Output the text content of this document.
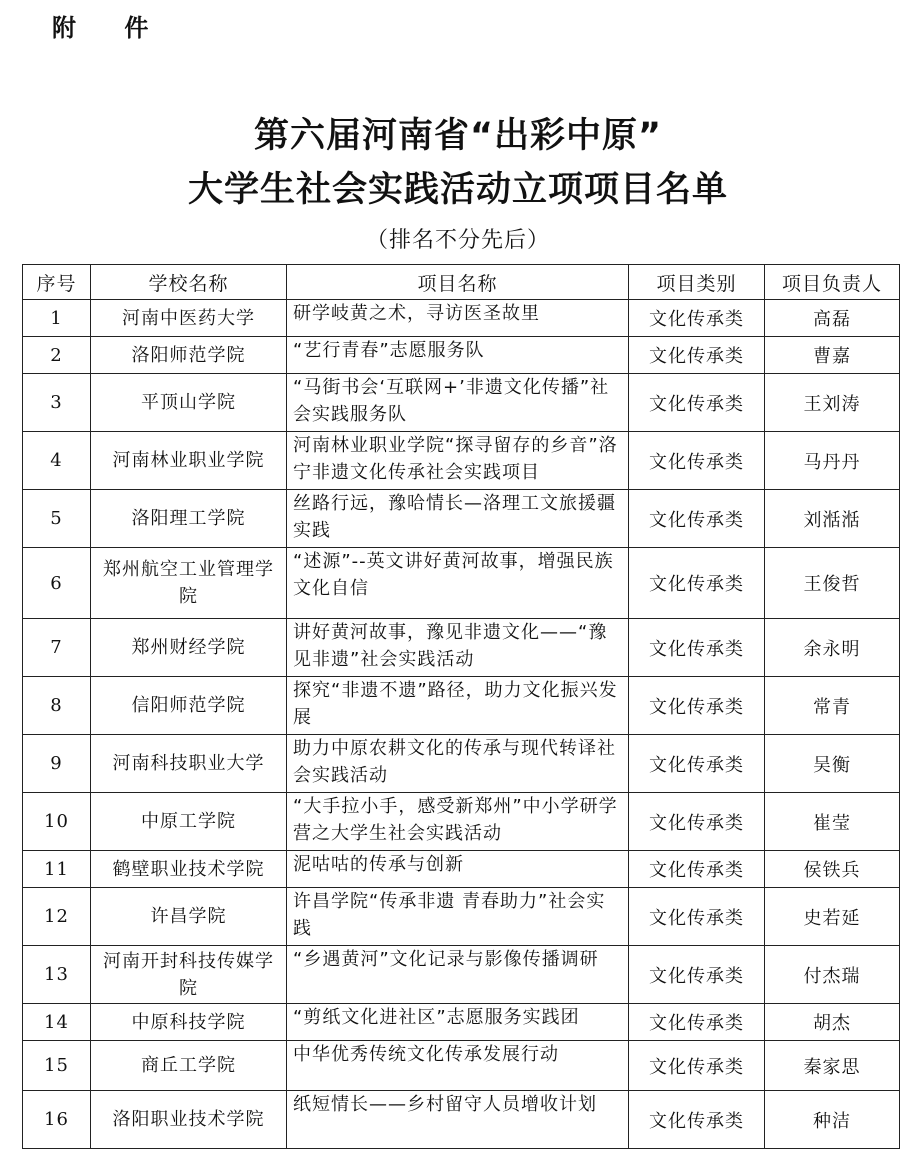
附 件
第六届河南省“出彩中原”
大学生社会实践活动立项项目名单
（排名不分先后）
序号	学校名称	项目名称	项目类别	项目负责人
1	河南中医药大学	研学岐黄之术，寻访医圣故里	文化传承类	高磊
2	洛阳师范学院	“艺行青春”志愿服务队	文化传承类	曹嘉
3	平顶山学院	“马街书会‘互联网+’非遗文化传播”社会实践服务队	文化传承类	王刘涛
4	河南林业职业学院	河南林业职业学院“探寻留存的乡音”洛宁非遗文化传承社会实践项目	文化传承类	马丹丹
5	洛阳理工学院	丝路行远，豫哈情长—洛理工文旅援疆实践	文化传承类	刘湉湉
6	郑州航空工业管理学院	“述源”--英文讲好黄河故事，增强民族文化自信	文化传承类	王俊哲
7	郑州财经学院	讲好黄河故事，豫见非遗文化——“豫见非遗”社会实践活动	文化传承类	余永明
8	信阳师范学院	探究“非遗不遗”路径，助力文化振兴发展	文化传承类	常青
9	河南科技职业大学	助力中原农耕文化的传承与现代转译社会实践活动	文化传承类	吴衡
10	中原工学院	“大手拉小手，感受新郑州”中小学研学营之大学生社会实践活动	文化传承类	崔莹
11	鹤壁职业技术学院	泥咕咕的传承与创新	文化传承类	侯铁兵
12	许昌学院	许昌学院“传承非遗 青春助力”社会实践	文化传承类	史若延
13	河南开封科技传媒学院	“乡遇黄河”文化记录与影像传播调研	文化传承类	付杰瑞
14	中原科技学院	“剪纸文化进社区”志愿服务实践团	文化传承类	胡杰
15	商丘工学院	中华优秀传统文化传承发展行动	文化传承类	秦家思
16	洛阳职业技术学院	纸短情长——乡村留守人员增收计划	文化传承类	种洁
